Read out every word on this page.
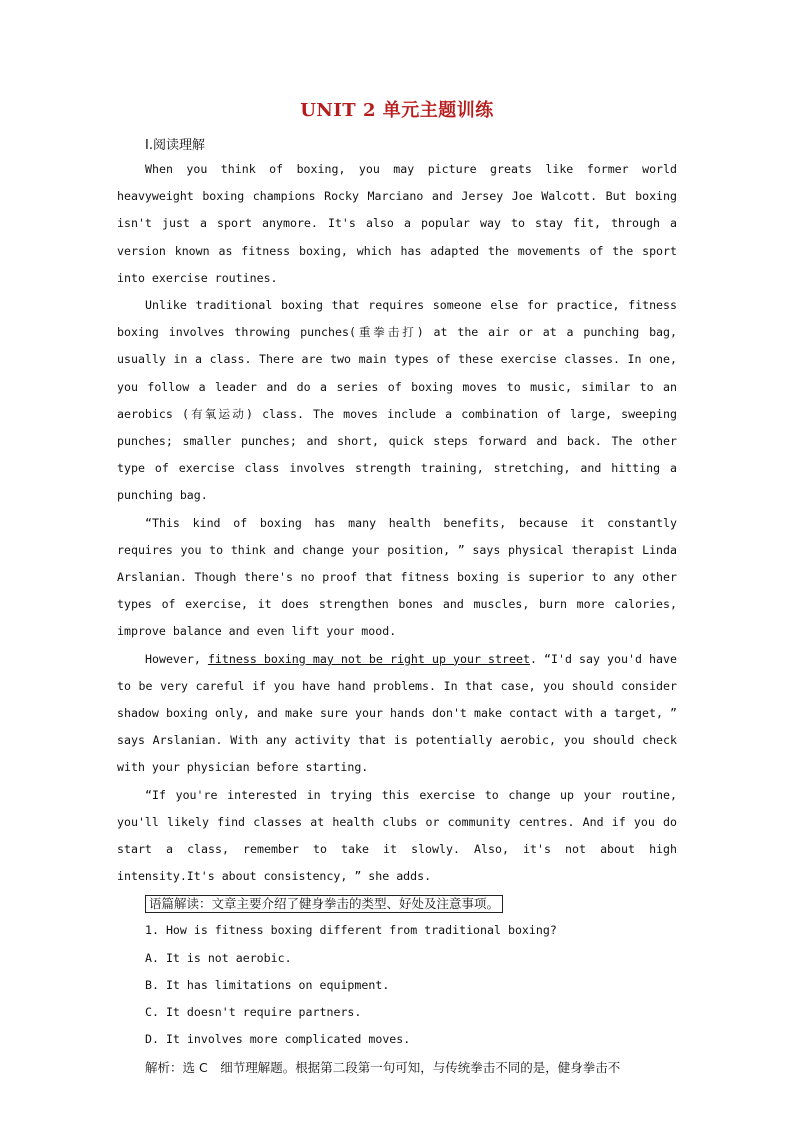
UNIT 2 单元主题训练
Ⅰ.阅读理解

When you think of boxing, you may picture greats like former world heavyweight boxing champions Rocky Marciano and Jersey Joe Walcott. But boxing isn't just a sport anymore. It's also a popular way to stay fit, through a version known as fitness boxing, which has adapted the movements of the sport into exercise routines.

Unlike traditional boxing that requires someone else for practice, fitness boxing involves throwing punches(重拳击打) at the air or at a punching bag, usually in a class. There are two main types of these exercise classes. In one, you follow a leader and do a series of boxing moves to music, similar to an aerobics (有氧运动) class. The moves include a combination of large, sweeping punches; smaller punches; and short, quick steps forward and back. The other type of exercise class involves strength training, stretching, and hitting a punching bag.

“This kind of boxing has many health benefits, because it constantly requires you to think and change your position, ” says physical therapist Linda Arslanian. Though there's no proof that fitness boxing is superior to any other types of exercise, it does strengthen bones and muscles, burn more calories, improve balance and even lift your mood.

However, fitness boxing may not be right up your street. “I'd say you'd have to be very careful if you have hand problems. In that case, you should consider shadow boxing only, and make sure your hands don't make contact with a target, ” says Arslanian. With any activity that is potentially aerobic, you should check with your physician before starting.

“If you're interested in trying this exercise to change up your routine, you'll likely find classes at health clubs or community centres. And if you do start a class, remember to take it slowly. Also, it's not about high intensity.It's about consistency, ” she adds.

语篇解读：文章主要介绍了健身拳击的类型、好处及注意事项。

1. How is fitness boxing different from traditional boxing?

A. It is not aerobic.

B. It has limitations on equipment.

C. It doesn't require partners.

D. It involves more complicated moves.

解析：选 C　细节理解题。根据第二段第一句可知，与传统拳击不同的是，健身拳击不
